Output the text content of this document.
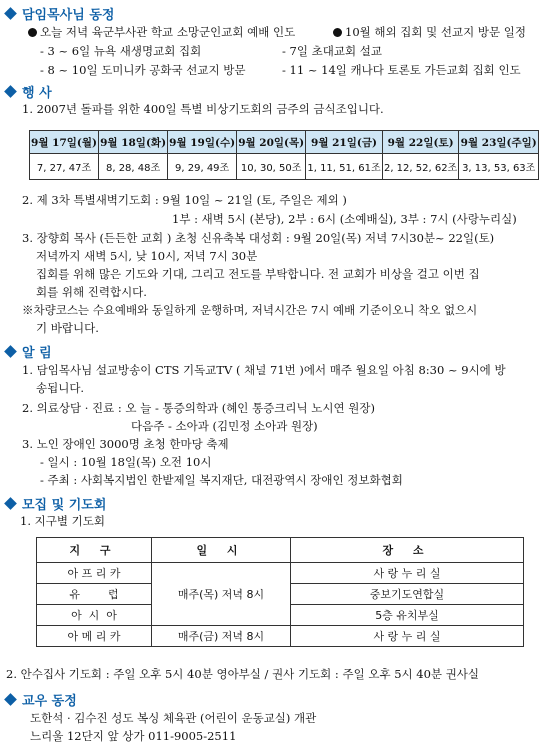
담임목사님 동정
오늘 저녁 육군부사관 학교 소망군인교회 예배 인도	10월 해외 집회 및 선교지 방문 일정
- 3 ~ 6일 뉴욕 새생명교회 집회	- 7일 초대교회 설교
- 8 ~ 10일 도미니카 공화국 선교지 방문	- 11 ~ 14일 캐나다 토론토 가든교회 집회 인도
행 사
1. 2007년 돌파를 위한 400일 특별 비상기도회의 금주의 금식조입니다.
9월 17일(월)	9월 18일(화)	9월 19일(수)	9월 20일(목)	9월 21일(금)	9월 22일(토)	9월 23일(주일)
7, 27, 47조	8, 28, 48조	9, 29, 49조	10, 30, 50조	1, 11, 51, 61조	2, 12, 52, 62조	3, 13, 53, 63조
2. 제 3차 특별새벽기도회 : 9월 10일 ~ 21일 (토, 주일은 제외 )
1부 : 새벽 5시 (본당), 2부 : 6시 (소예배실), 3부 : 7시 (사랑누리실)
3. 장향희 목사 (든든한 교회 ) 초청 신유축복 대성회 : 9월 20일(목) 저녁 7시30분~ 22일(토)
저녁까지 새벽 5시, 낮 10시, 저녁 7시 30분
집회를 위해 많은 기도와 기대, 그리고 전도를 부탁합니다. 전 교회가 비상을 걸고 이번 집
회를 위해 진력합시다.
※차량코스는 수요예배와 동일하게 운행하며, 저녁시간은 7시 예배 기준이오니 착오 없으시
기 바랍니다.
알 림
1. 담임목사님 설교방송이 CTS 기독교TV ( 채널 71번 )에서 매주 월요일 아침 8:30 ~ 9시에 방
송됩니다.
2. 의료상담 · 진료 : 오 늘 - 통증의학과 (혜인 통증크리닉 노시연 원장)
다음주 - 소아과 (김민정 소아과 원장)
3. 노인 장애인 3000명 초청 한마당 축제
- 일시 : 10월 18일(목) 오전 10시
- 주최 : 사회복지법인 한밭제일 복지재단, 대전광역시 장애인 정보화협회
모집 및 기도회
1. 지구별 기도회
지 구	일 시	장 소
아 프 리 카	매주(목) 저녁 8시	사 랑 누 리 실
유        럽		중보기도연합실
아  시  아		5층 유치부실
아 메 리 카	매주(금) 저녁 8시	사 랑 누 리 실
2. 안수집사 기도회 : 주일 오후 5시 40분 영아부실 / 권사 기도회 : 주일 오후 5시 40분 권사실
교우 동정
도한석 · 김수진 성도 복싱 체육관 (어린이 운동교실) 개관
느리울 12단지 앞 상가 011-9005-2511
